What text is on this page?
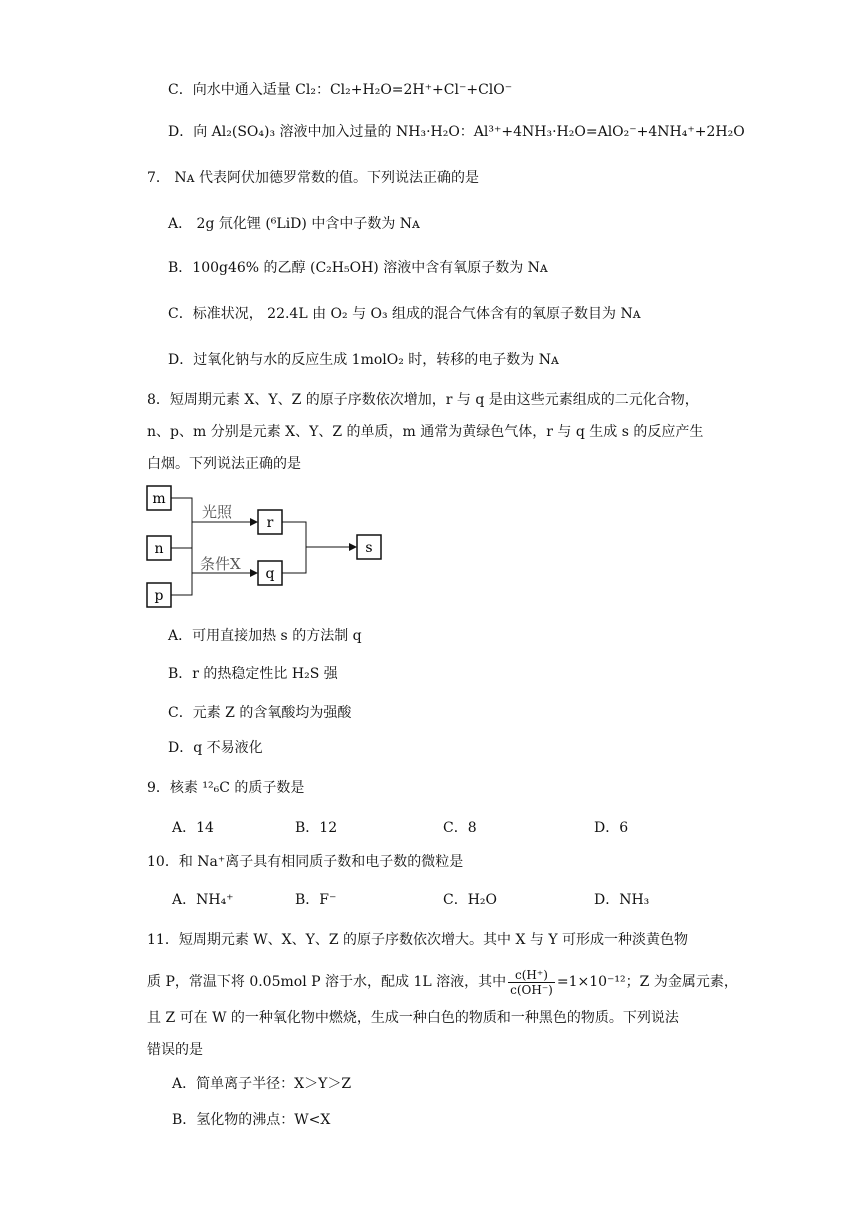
C．向水中通入适量 Cl₂：Cl₂+H₂O=2H⁺+Cl⁻+ClO⁻
D．向 Al₂(SO₄)₃ 溶液中加入过量的 NH₃·H₂O：Al³⁺+4NH₃·H₂O=AlO₂⁻+4NH₄⁺+2H₂O
7． Nᴀ 代表阿伏加德罗常数的值。下列说法正确的是
A． 2g 氘化锂 (⁶LiD) 中含中子数为 Nᴀ
B．100g46% 的乙醇 (C₂H₅OH) 溶液中含有氧原子数为 Nᴀ
C．标准状况， 22.4L 由 O₂ 与 O₃ 组成的混合气体含有的氧原子数目为 Nᴀ
D．过氧化钠与水的反应生成 1molO₂ 时，转移的电子数为 Nᴀ
8．短周期元素 X、Y、Z 的原子序数依次增加，r 与 q 是由这些元素组成的二元化合物，
n、p、m 分别是元素 X、Y、Z 的单质，m 通常为黄绿色气体，r 与 q 生成 s 的反应产生
白烟。下列说法正确的是
m
n
p
r
q
s
光照
条件X
A．可用直接加热 s 的方法制 q
B．r 的热稳定性比 H₂S 强
C．元素 Z 的含氧酸均为强酸
D．q 不易液化
9．核素 ¹²₆C 的质子数是
A．14	B．12	C．8	D．6
10．和 Na⁺离子具有相同质子数和电子数的微粒是
A．NH₄⁺	B．F⁻	C．H₂O	D．NH₃
11．短周期元素 W、X、Y、Z 的原子序数依次增大。其中 X 与 Y 可形成一种淡黄色物
质 P，常温下将 0.05mol P 溶于水，配成 1L 溶液，其中 $\frac{c(H^+)}{c(OH^-)} =1\times 10^{-12}$；Z 为金属元素，
且 Z 可在 W 的一种氧化物中燃烧，生成一种白色的物质和一种黑色的物质。下列说法
错误的是
A．简单离子半径：X＞Y＞Z
B．氢化物的沸点：W<X
